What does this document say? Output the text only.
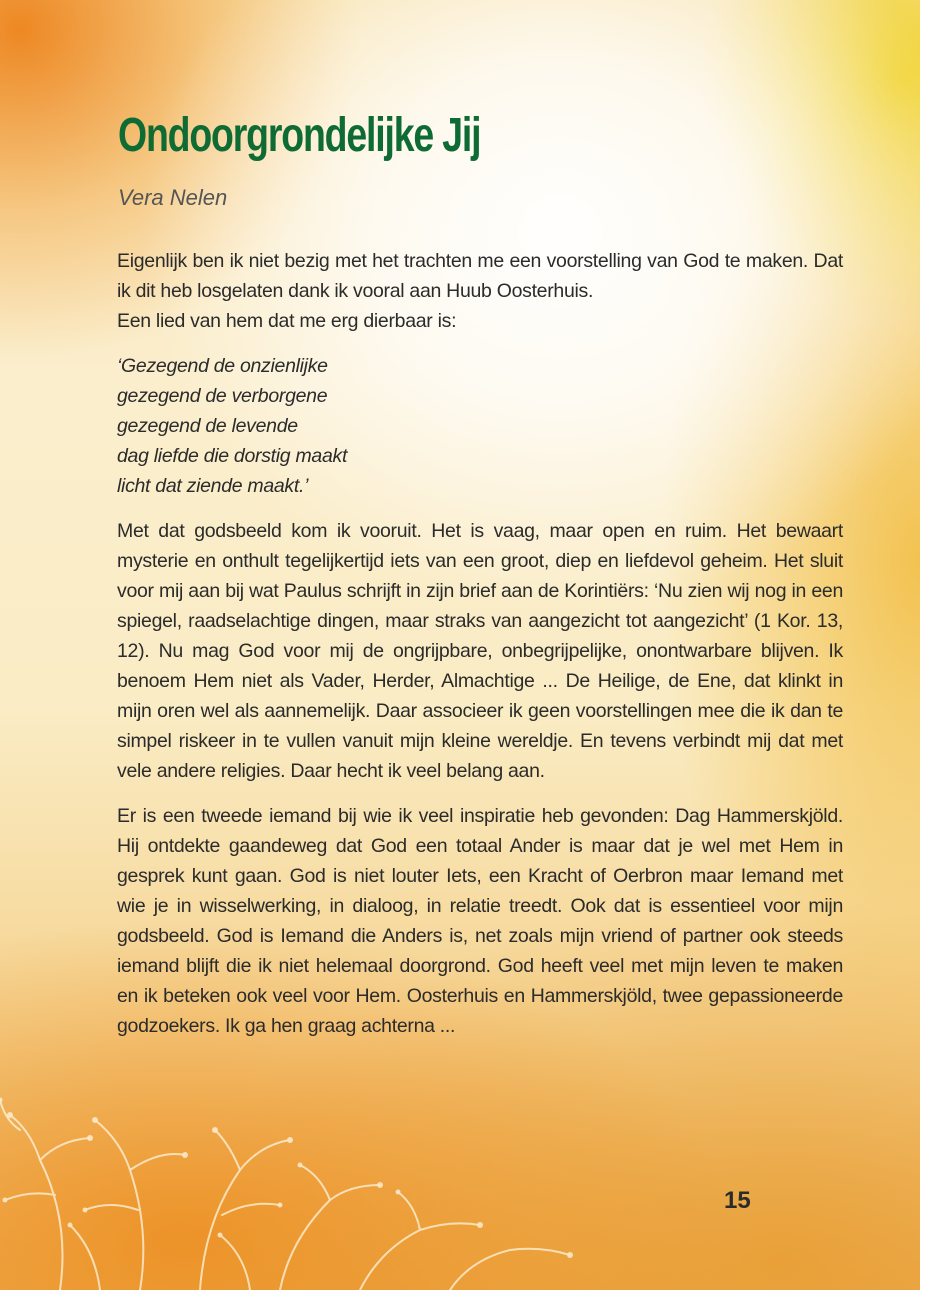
Ondoorgrondelijke Jij
Vera Nelen

Eigenlijk ben ik niet bezig met het trachten me een voorstelling van God te maken. Dat ik dit heb losgelaten dank ik vooral aan Huub Oosterhuis.

Een lied van hem dat me erg dierbaar is:

‘Gezegend de onzienlijke
gezegend de verborgene
gezegend de levende
dag liefde die dorstig maakt
licht dat ziende maakt.’

Met dat godsbeeld kom ik vooruit. Het is vaag, maar open en ruim. Het bewaart mysterie en onthult tegelijkertijd iets van een groot, diep en liefdevol geheim. Het sluit voor mij aan bij wat Paulus schrijft in zijn brief aan de Korintiërs: ‘Nu zien wij nog in een spiegel, raadselachtige dingen, maar straks van aangezicht tot aangezicht’ (1 Kor. 13, 12). Nu mag God voor mij de ongrijpbare, onbegrijpelijke, onontwarbare blijven. Ik benoem Hem niet als Vader, Herder, Almachtige ... De Heilige, de Ene, dat klinkt in mijn oren wel als aannemelijk. Daar associeer ik geen voorstellingen mee die ik dan te simpel riskeer in te vullen vanuit mijn kleine wereldje. En tevens verbindt mij dat met vele andere religies. Daar hecht ik veel belang aan.

Er is een tweede iemand bij wie ik veel inspiratie heb gevonden: Dag Hammerskjöld. Hij ontdekte gaandeweg dat God een totaal Ander is maar dat je wel met Hem in gesprek kunt gaan. God is niet louter Iets, een Kracht of Oerbron maar Iemand met wie je in wisselwerking, in dialoog, in relatie treedt. Ook dat is essentieel voor mijn godsbeeld. God is Iemand die Anders is, net zoals mijn vriend of partner ook steeds iemand blijft die ik niet helemaal doorgrond. God heeft veel met mijn leven te maken en ik beteken ook veel voor Hem. Oosterhuis en Hammerskjöld, twee gepassioneerde godzoekers. Ik ga hen graag achterna ...

15
